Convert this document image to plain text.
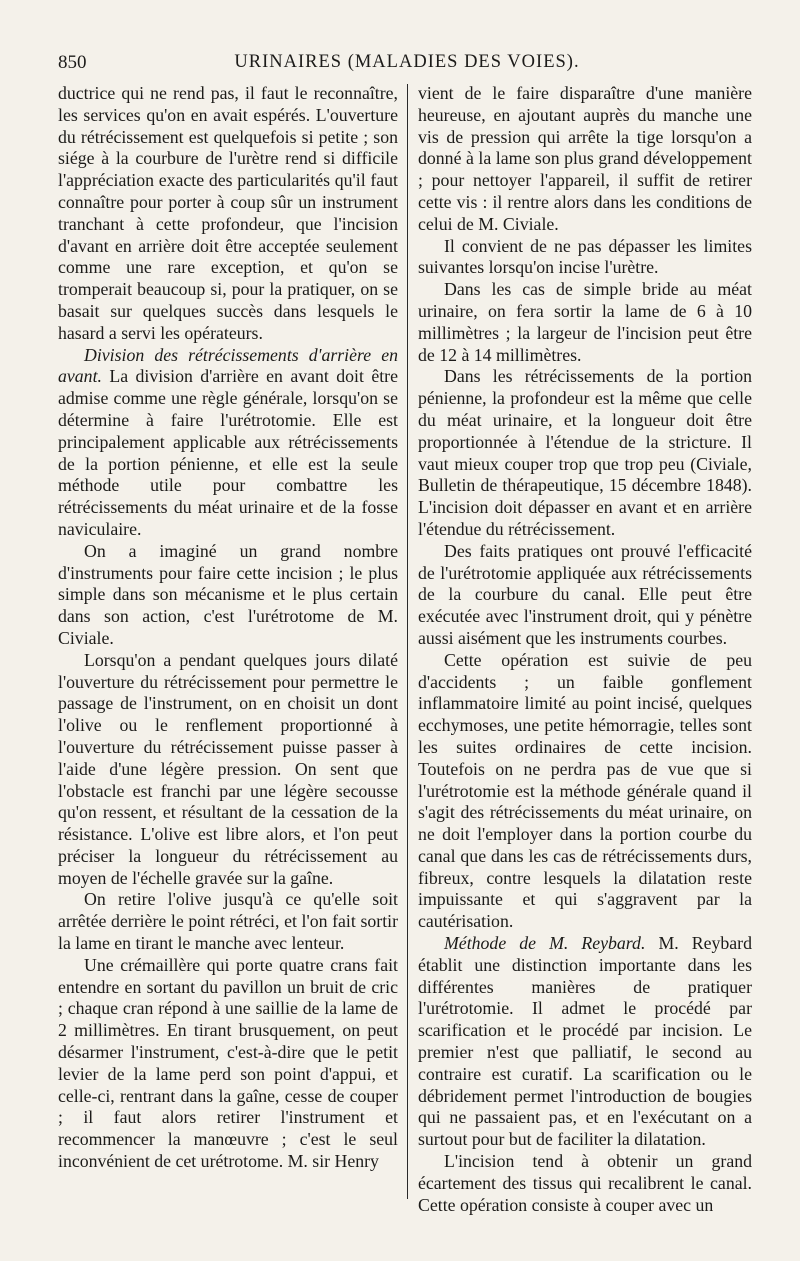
850	URINAIRES (MALADIES DES VOIES).

ductrice qui ne rend pas, il faut le reconnaître, les services qu'on en avait espérés. L'ouverture du rétrécissement est quelquefois si petite ; son siége à la courbure de l'urètre rend si difficile l'appréciation exacte des particularités qu'il faut connaître pour porter à coup sûr un instrument tranchant à cette profondeur, que l'incision d'avant en arrière doit être acceptée seulement comme une rare exception, et qu'on se tromperait beaucoup si, pour la pratiquer, on se basait sur quelques succès dans lesquels le hasard a servi les opérateurs.

Division des rétrécissements d'arrière en avant. La division d'arrière en avant doit être admise comme une règle générale, lorsqu'on se détermine à faire l'urétrotomie. Elle est principalement applicable aux rétrécissements de la portion pénienne, et elle est la seule méthode utile pour combattre les rétrécissements du méat urinaire et de la fosse naviculaire.

On a imaginé un grand nombre d'instruments pour faire cette incision ; le plus simple dans son mécanisme et le plus certain dans son action, c'est l'urétrotome de M. Civiale.

Lorsqu'on a pendant quelques jours dilaté l'ouverture du rétrécissement pour permettre le passage de l'instrument, on en choisit un dont l'olive ou le renflement proportionné à l'ouverture du rétrécissement puisse passer à l'aide d'une légère pression. On sent que l'obstacle est franchi par une légère secousse qu'on ressent, et résultant de la cessation de la résistance. L'olive est libre alors, et l'on peut préciser la longueur du rétrécissement au moyen de l'échelle gravée sur la gaîne.

On retire l'olive jusqu'à ce qu'elle soit arrêtée derrière le point rétréci, et l'on fait sortir la lame en tirant le manche avec lenteur.

Une crémaillère qui porte quatre crans fait entendre en sortant du pavillon un bruit de cric ; chaque cran répond à une saillie de la lame de 2 millimètres. En tirant brusquement, on peut désarmer l'instrument, c'est-à-dire que le petit levier de la lame perd son point d'appui, et celle-ci, rentrant dans la gaîne, cesse de couper ; il faut alors retirer l'instrument et recommencer la manœuvre ; c'est le seul inconvénient de cet urétrotome. M. sir Henry

vient de le faire disparaître d'une manière heureuse, en ajoutant auprès du manche une vis de pression qui arrête la tige lorsqu'on a donné à la lame son plus grand développement ; pour nettoyer l'appareil, il suffit de retirer cette vis : il rentre alors dans les conditions de celui de M. Civiale.

Il convient de ne pas dépasser les limites suivantes lorsqu'on incise l'urètre.

Dans les cas de simple bride au méat urinaire, on fera sortir la lame de 6 à 10 millimètres ; la largeur de l'incision peut être de 12 à 14 millimètres.

Dans les rétrécissements de la portion pénienne, la profondeur est la même que celle du méat urinaire, et la longueur doit être proportionnée à l'étendue de la stricture. Il vaut mieux couper trop que trop peu (Civiale, Bulletin de thérapeutique, 15 décembre 1848). L'incision doit dépasser en avant et en arrière l'étendue du rétrécissement.

Des faits pratiques ont prouvé l'efficacité de l'urétrotomie appliquée aux rétrécissements de la courbure du canal. Elle peut être exécutée avec l'instrument droit, qui y pénètre aussi aisément que les instruments courbes.

Cette opération est suivie de peu d'accidents ; un faible gonflement inflammatoire limité au point incisé, quelques ecchymoses, une petite hémorragie, telles sont les suites ordinaires de cette incision. Toutefois on ne perdra pas de vue que si l'urétrotomie est la méthode générale quand il s'agit des rétrécissements du méat urinaire, on ne doit l'employer dans la portion courbe du canal que dans les cas de rétrécissements durs, fibreux, contre lesquels la dilatation reste impuissante et qui s'aggravent par la cautérisation.

Méthode de M. Reybard. M. Reybard établit une distinction importante dans les différentes manières de pratiquer l'urétrotomie. Il admet le procédé par scarification et le procédé par incision. Le premier n'est que palliatif, le second au contraire est curatif. La scarification ou le débridement permet l'introduction de bougies qui ne passaient pas, et en l'exécutant on a surtout pour but de faciliter la dilatation.

L'incision tend à obtenir un grand écartement des tissus qui recalibrent le canal. Cette opération consiste à couper avec un
